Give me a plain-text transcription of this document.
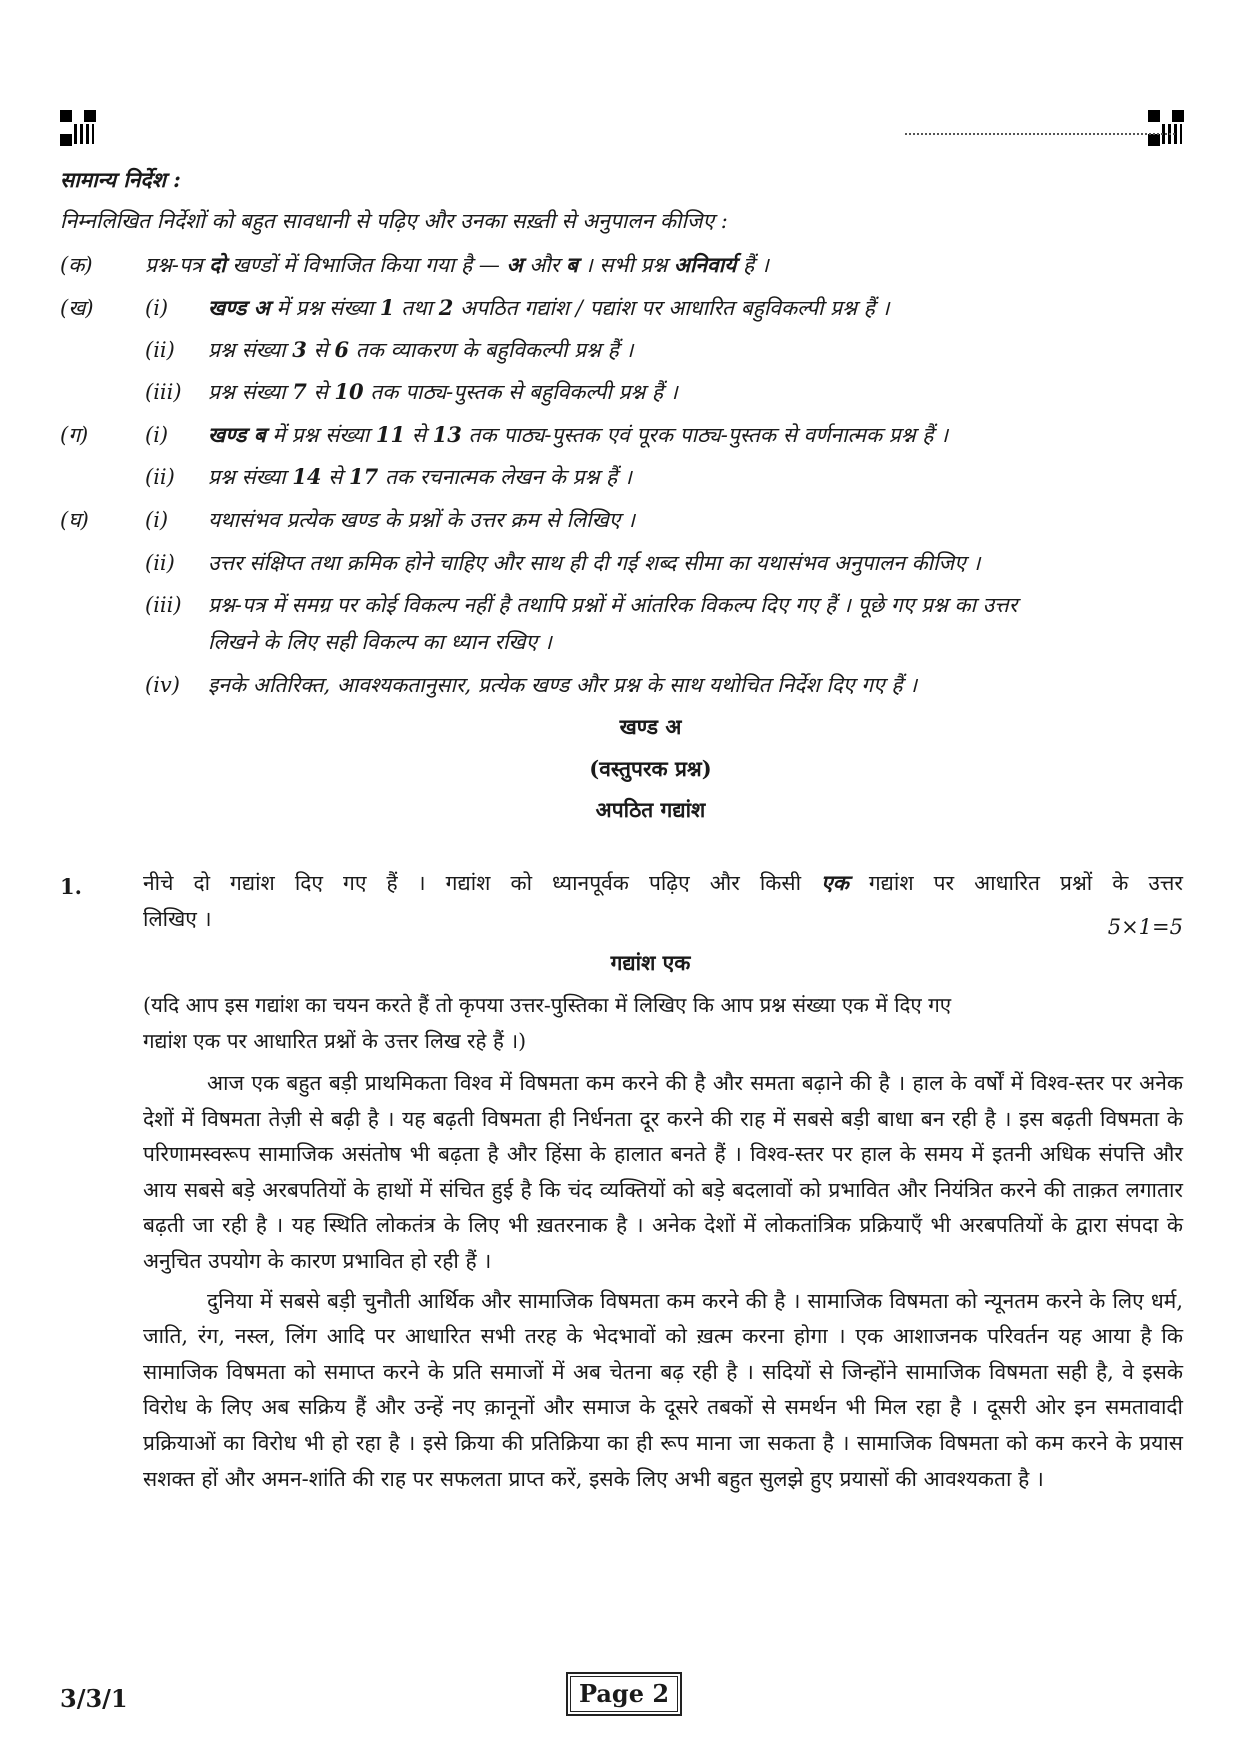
सामान्य निर्देश :
निम्नलिखित निर्देशों को बहुत सावधानी से पढ़िए और उनका सख़्ती से अनुपालन कीजिए :
(क) प्रश्न-पत्र दो खण्डों में विभाजित किया गया है — अ और ब । सभी प्रश्न अनिवार्य हैं ।
(ख) (i) खण्ड अ में प्रश्न संख्या 1 तथा 2 अपठित गद्यांश / पद्यांश पर आधारित बहुविकल्पी प्रश्न हैं ।
(ii) प्रश्न संख्या 3 से 6 तक व्याकरण के बहुविकल्पी प्रश्न हैं ।
(iii) प्रश्न संख्या 7 से 10 तक पाठ्य-पुस्तक से बहुविकल्पी प्रश्न हैं ।
(ग)	(i) खण्ड ब में प्रश्न संख्या 11 से 13 तक पाठ्य-पुस्तक एवं पूरक पाठ्य-पुस्तक से वर्णनात्मक प्रश्न हैं ।
(ii) प्रश्न संख्या 14 से 17 तक रचनात्मक लेखन के प्रश्न हैं ।
(घ)	(i) यथासंभव प्रत्येक खण्ड के प्रश्नों के उत्तर क्रम से लिखिए ।
(ii) उत्तर संक्षिप्त तथा क्रमिक होने चाहिए और साथ ही दी गई शब्द सीमा का यथासंभव अनुपालन कीजिए ।
(iii) प्रश्न-पत्र में समग्र पर कोई विकल्प नहीं है तथापि प्रश्नों में आंतरिक विकल्प दिए गए हैं । पूछे गए प्रश्न का उत्तर
लिखने के लिए सही विकल्प का ध्यान रखिए ।
(iv) इनके अतिरिक्त, आवश्यकतानुसार, प्रत्येक खण्ड और प्रश्न के साथ यथोचित निर्देश दिए गए हैं ।
खण्ड अ
(वस्तुपरक प्रश्न)
अपठित गद्यांश
1.	नीचे दो गद्यांश दिए गए हैं । गद्यांश को ध्यानपूर्वक पढ़िए और किसी एक गद्यांश पर आधारित प्रश्नों के उत्तर
लिखिए ।	5×1=5
गद्यांश एक
(यदि आप इस गद्यांश का चयन करते हैं तो कृपया उत्तर-पुस्तिका में लिखिए कि आप प्रश्न संख्या एक में दिए गए
गद्यांश एक पर आधारित प्रश्नों के उत्तर लिख रहे हैं ।)

आज एक बहुत बड़ी प्राथमिकता विश्व में विषमता कम करने की है और समता बढ़ाने की है । हाल के वर्षों में विश्व-स्तर पर अनेक देशों में विषमता तेज़ी से बढ़ी है । यह बढ़ती विषमता ही निर्धनता दूर करने की राह में सबसे बड़ी बाधा बन रही है । इस बढ़ती विषमता के परिणामस्वरूप सामाजिक असंतोष भी बढ़ता है और हिंसा के हालात बनते हैं । विश्व-स्तर पर हाल के समय में इतनी अधिक संपत्ति और आय सबसे बड़े अरबपतियों के हाथों में संचित हुई है कि चंद व्यक्तियों को बड़े बदलावों को प्रभावित और नियंत्रित करने की ताक़त लगातार बढ़ती जा रही है । यह स्थिति लोकतंत्र के लिए भी ख़तरनाक है । अनेक देशों में लोकतांत्रिक प्रक्रियाएँ भी अरबपतियों के द्वारा संपदा के अनुचित उपयोग के कारण प्रभावित हो रही हैं ।

दुनिया में सबसे बड़ी चुनौती आर्थिक और सामाजिक विषमता कम करने की है । सामाजिक विषमता को न्यूनतम करने के लिए धर्म, जाति, रंग, नस्ल, लिंग आदि पर आधारित सभी तरह के भेदभावों को ख़त्म करना होगा । एक आशाजनक परिवर्तन यह आया है कि सामाजिक विषमता को समाप्त करने के प्रति समाजों में अब चेतना बढ़ रही है । सदियों से जिन्होंने सामाजिक विषमता सही है, वे इसके विरोध के लिए अब सक्रिय हैं और उन्हें नए क़ानूनों और समाज के दूसरे तबकों से समर्थन भी मिल रहा है । दूसरी ओर इन समतावादी प्रक्रियाओं का विरोध भी हो रहा है । इसे क्रिया की प्रतिक्रिया का ही रूप माना जा सकता है । सामाजिक विषमता को कम करने के प्रयास सशक्त हों और अमन-शांति की राह पर सफलता प्राप्त करें, इसके लिए अभी बहुत सुलझे हुए प्रयासों की आवश्यकता है ।

3/3/1	Page 2
